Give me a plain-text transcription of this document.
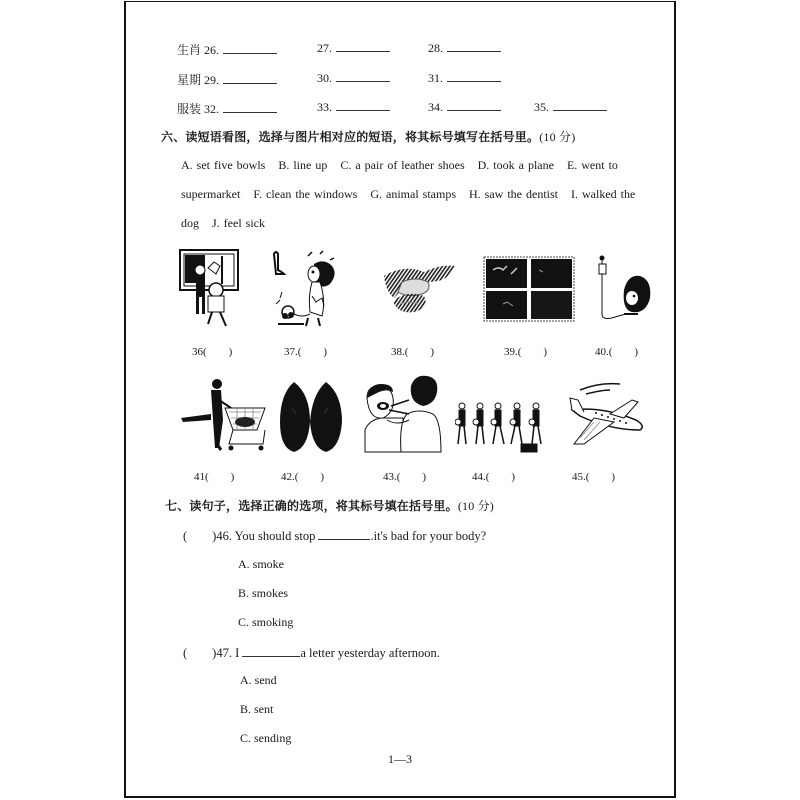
生肖 26.	27.	28.
星期 29.	30.	31.
服装 32.	33.	34.	35.
六、读短语看图，选择与图片相对应的短语，将其标号填写在括号里。(10 分)
A. set five bowls B. line up C. a pair of leather shoes D. took a plane E. went to supermarket F. clean the windows G. animal stamps H. saw the dentist I. walked the dog J. feel sick
36(　　)	37.(　　)	38.(　　)	39.(　　)	40.(　　)
41(　　)	42.(　　)	43.(　　)	44.(　　)	45.(　　)
七、读句子，选择正确的选项，将其标号填在括号里。(10 分)
(　　)46. You should stop	.it's bad for your body?
A. smoke
B. smokes
C. smoking
(　　)47. I	a letter yesterday afternoon.
A. send
B. sent
C. sending
1—3
